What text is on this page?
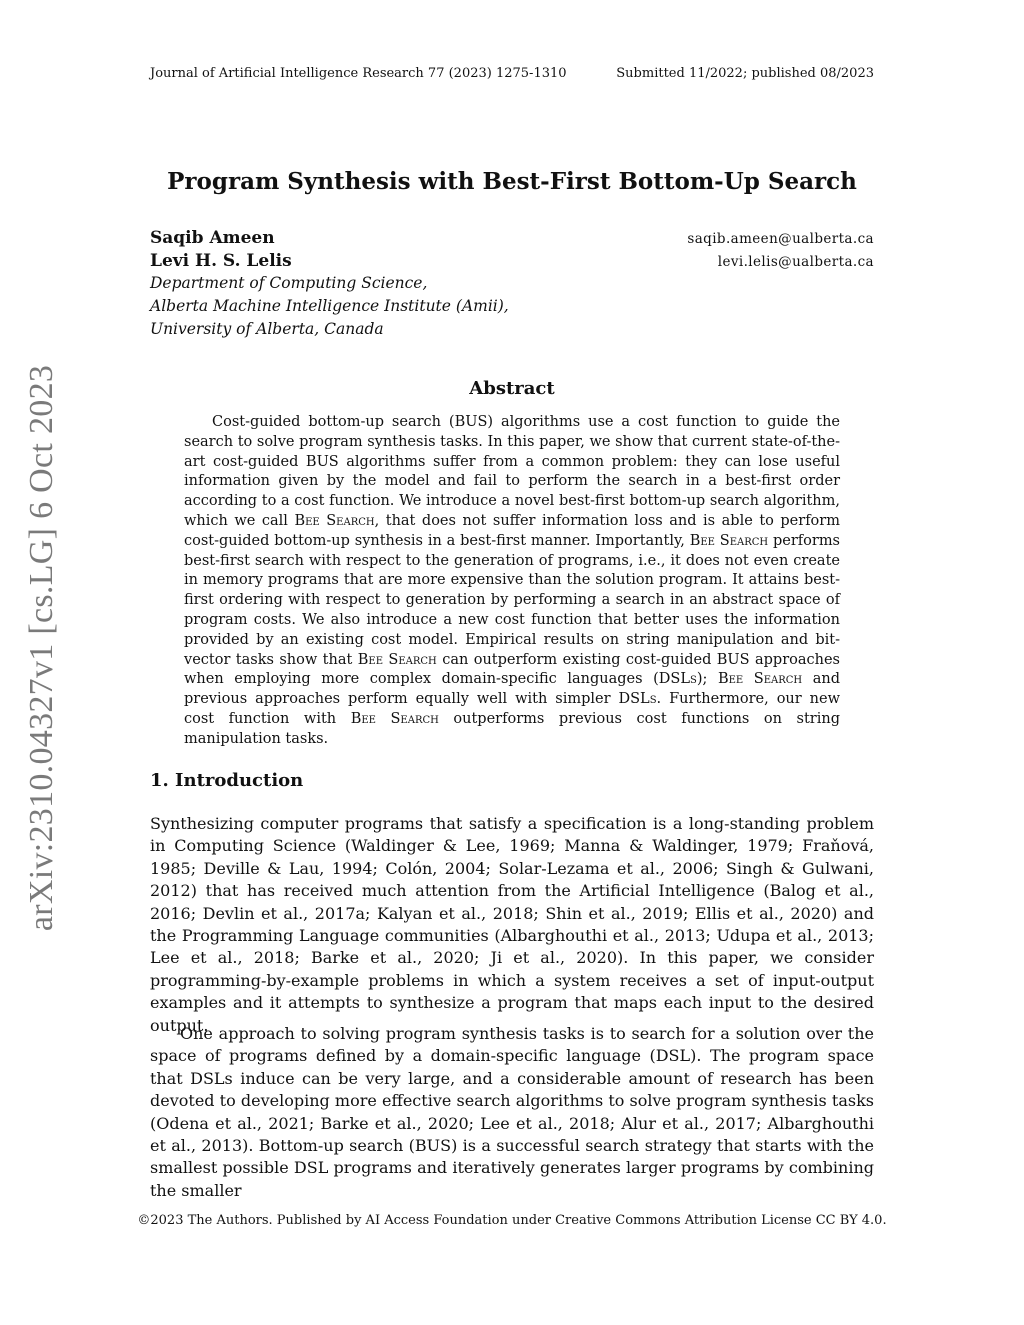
arXiv:2310.04327v1 [cs.LG] 6 Oct 2023
Journal of Artificial Intelligence Research 77 (2023) 1275-1310	Submitted 11/2022; published 08/2023
Program Synthesis with Best-First Bottom-Up Search
Saqib Ameen	saqib.ameen@ualberta.ca
Levi H. S. Lelis	levi.lelis@ualberta.ca
Department of Computing Science,
Alberta Machine Intelligence Institute (Amii),
University of Alberta, Canada
Abstract

Cost-guided bottom-up search (BUS) algorithms use a cost function to guide the search to solve program synthesis tasks. In this paper, we show that current state-of-the-art cost-guided BUS algorithms suffer from a common problem: they can lose useful information given by the model and fail to perform the search in a best-first order according to a cost function. We introduce a novel best-first bottom-up search algorithm, which we call Bee Search, that does not suffer information loss and is able to perform cost-guided bottom-up synthesis in a best-first manner. Importantly, Bee Search performs best-first search with respect to the generation of programs, i.e., it does not even create in memory programs that are more expensive than the solution program. It attains best-first ordering with respect to generation by performing a search in an abstract space of program costs. We also introduce a new cost function that better uses the information provided by an existing cost model. Empirical results on string manipulation and bit-vector tasks show that Bee Search can outperform existing cost-guided BUS approaches when employing more complex domain-specific languages (DSLs); Bee Search and previous approaches perform equally well with simpler DSLs. Furthermore, our new cost function with Bee Search outperforms previous cost functions on string manipulation tasks.

1. Introduction

Synthesizing computer programs that satisfy a specification is a long-standing problem in Computing Science (Waldinger & Lee, 1969; Manna & Waldinger, 1979; Fraňová, 1985; Deville & Lau, 1994; Colón, 2004; Solar-Lezama et al., 2006; Singh & Gulwani, 2012) that has received much attention from the Artificial Intelligence (Balog et al., 2016; Devlin et al., 2017a; Kalyan et al., 2018; Shin et al., 2019; Ellis et al., 2020) and the Programming Language communities (Albarghouthi et al., 2013; Udupa et al., 2013; Lee et al., 2018; Barke et al., 2020; Ji et al., 2020). In this paper, we consider programming-by-example problems in which a system receives a set of input-output examples and it attempts to synthesize a program that maps each input to the desired output.

One approach to solving program synthesis tasks is to search for a solution over the space of programs defined by a domain-specific language (DSL). The program space that DSLs induce can be very large, and a considerable amount of research has been devoted to developing more effective search algorithms to solve program synthesis tasks (Odena et al., 2021; Barke et al., 2020; Lee et al., 2018; Alur et al., 2017; Albarghouthi et al., 2013). Bottom-up search (BUS) is a successful search strategy that starts with the smallest possible DSL programs and iteratively generates larger programs by combining the smaller

©2023 The Authors. Published by AI Access Foundation under Creative Commons Attribution License CC BY 4.0.
